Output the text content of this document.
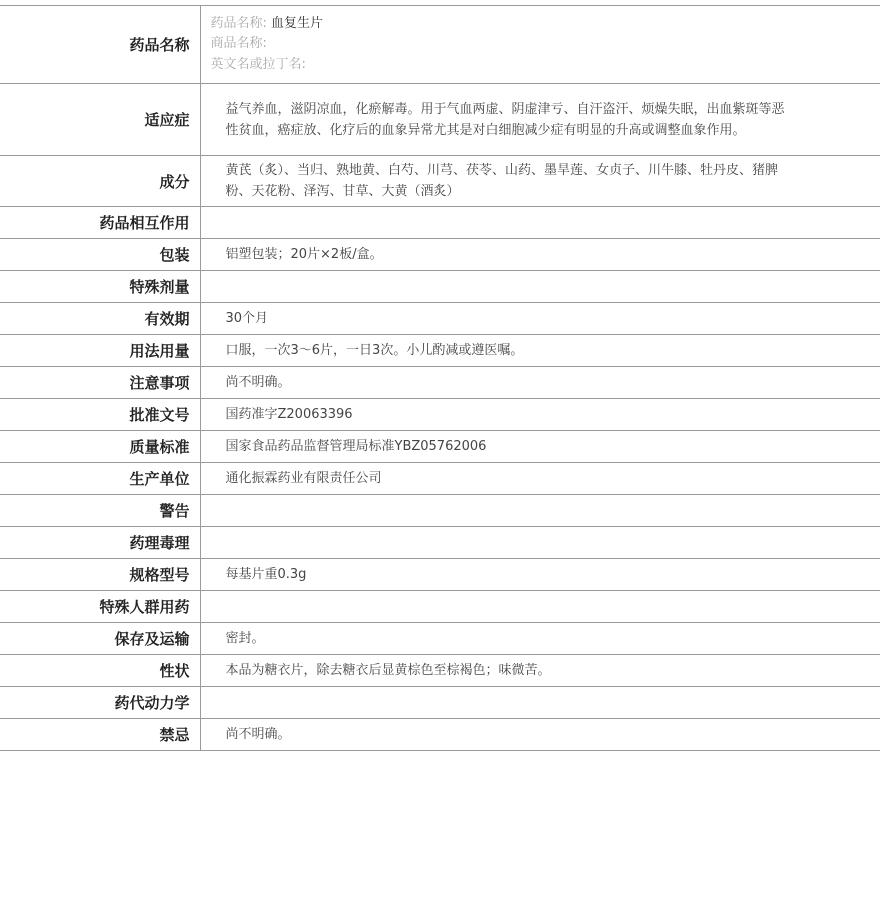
药品名称	药品名称: 血复生片
商品名称:
英文名或拉丁名:

适应症	益气养血，滋阴凉血，化瘀解毒。用于气血两虚、阴虚津亏、自汗盗汗、烦燥失眠，出血紫斑等恶性贫血，癌症放、化疗后的血象异常尤其是对白细胞减少症有明显的升高或调整血象作用。
成分	黄芪（炙）、当归、熟地黄、白芍、川芎、茯苓、山药、墨旱莲、女贞子、川牛膝、牡丹皮、猪脾粉、天花粉、泽泻、甘草、大黄（酒炙）
药品相互作用	
包装	铝塑包装；20片×2板/盒。
特殊剂量	
有效期	30个月
用法用量	口服，一次3～6片，一日3次。小儿酌减或遵医嘱。
注意事项	尚不明确。
批准文号	国药准字Z20063396
质量标准	国家食品药品监督管理局标准YBZ05762006
生产单位	通化振霖药业有限责任公司
警告	
药理毒理	
规格型号	每基片重0.3g
特殊人群用药	
保存及运输	密封。
性状	本品为糖衣片，除去糖衣后显黄棕色至棕褐色；味微苦。
药代动力学	
禁忌	尚不明确。
